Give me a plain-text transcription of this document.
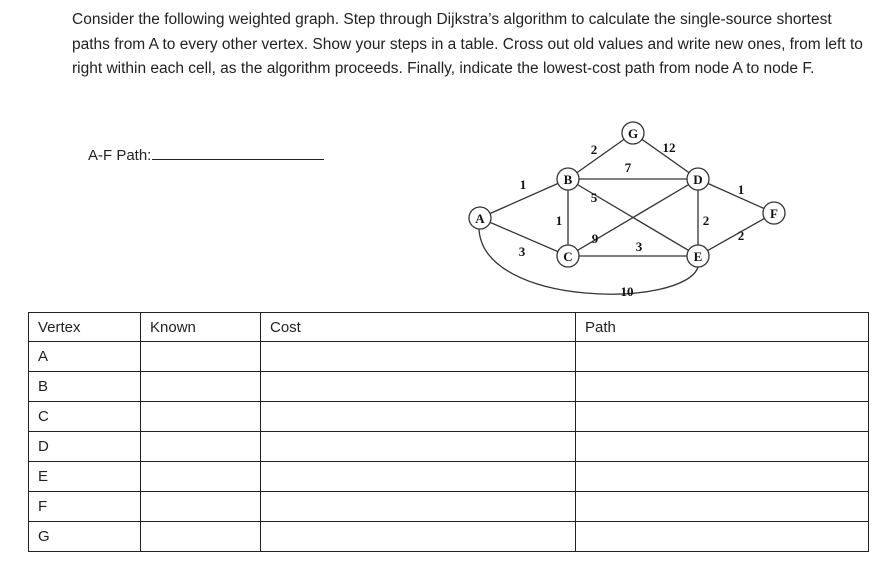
Consider the following weighted graph. Step through Dijkstra’s algorithm to calculate the single-source shortest paths from A to every other vertex. Show your steps in a table. Cross out old values and write new ones, from left to right within each cell, as the algorithm proceeds. Finally, indicate the lowest-cost path from node A to node F.
A-F Path:
A
B
C
D
E
F
G
1
3
1
2
7
5
9
3
12
2
1
2
10
Vertex	Known	Cost	Path
A			
B			
C			
D			
E			
F			
G			
